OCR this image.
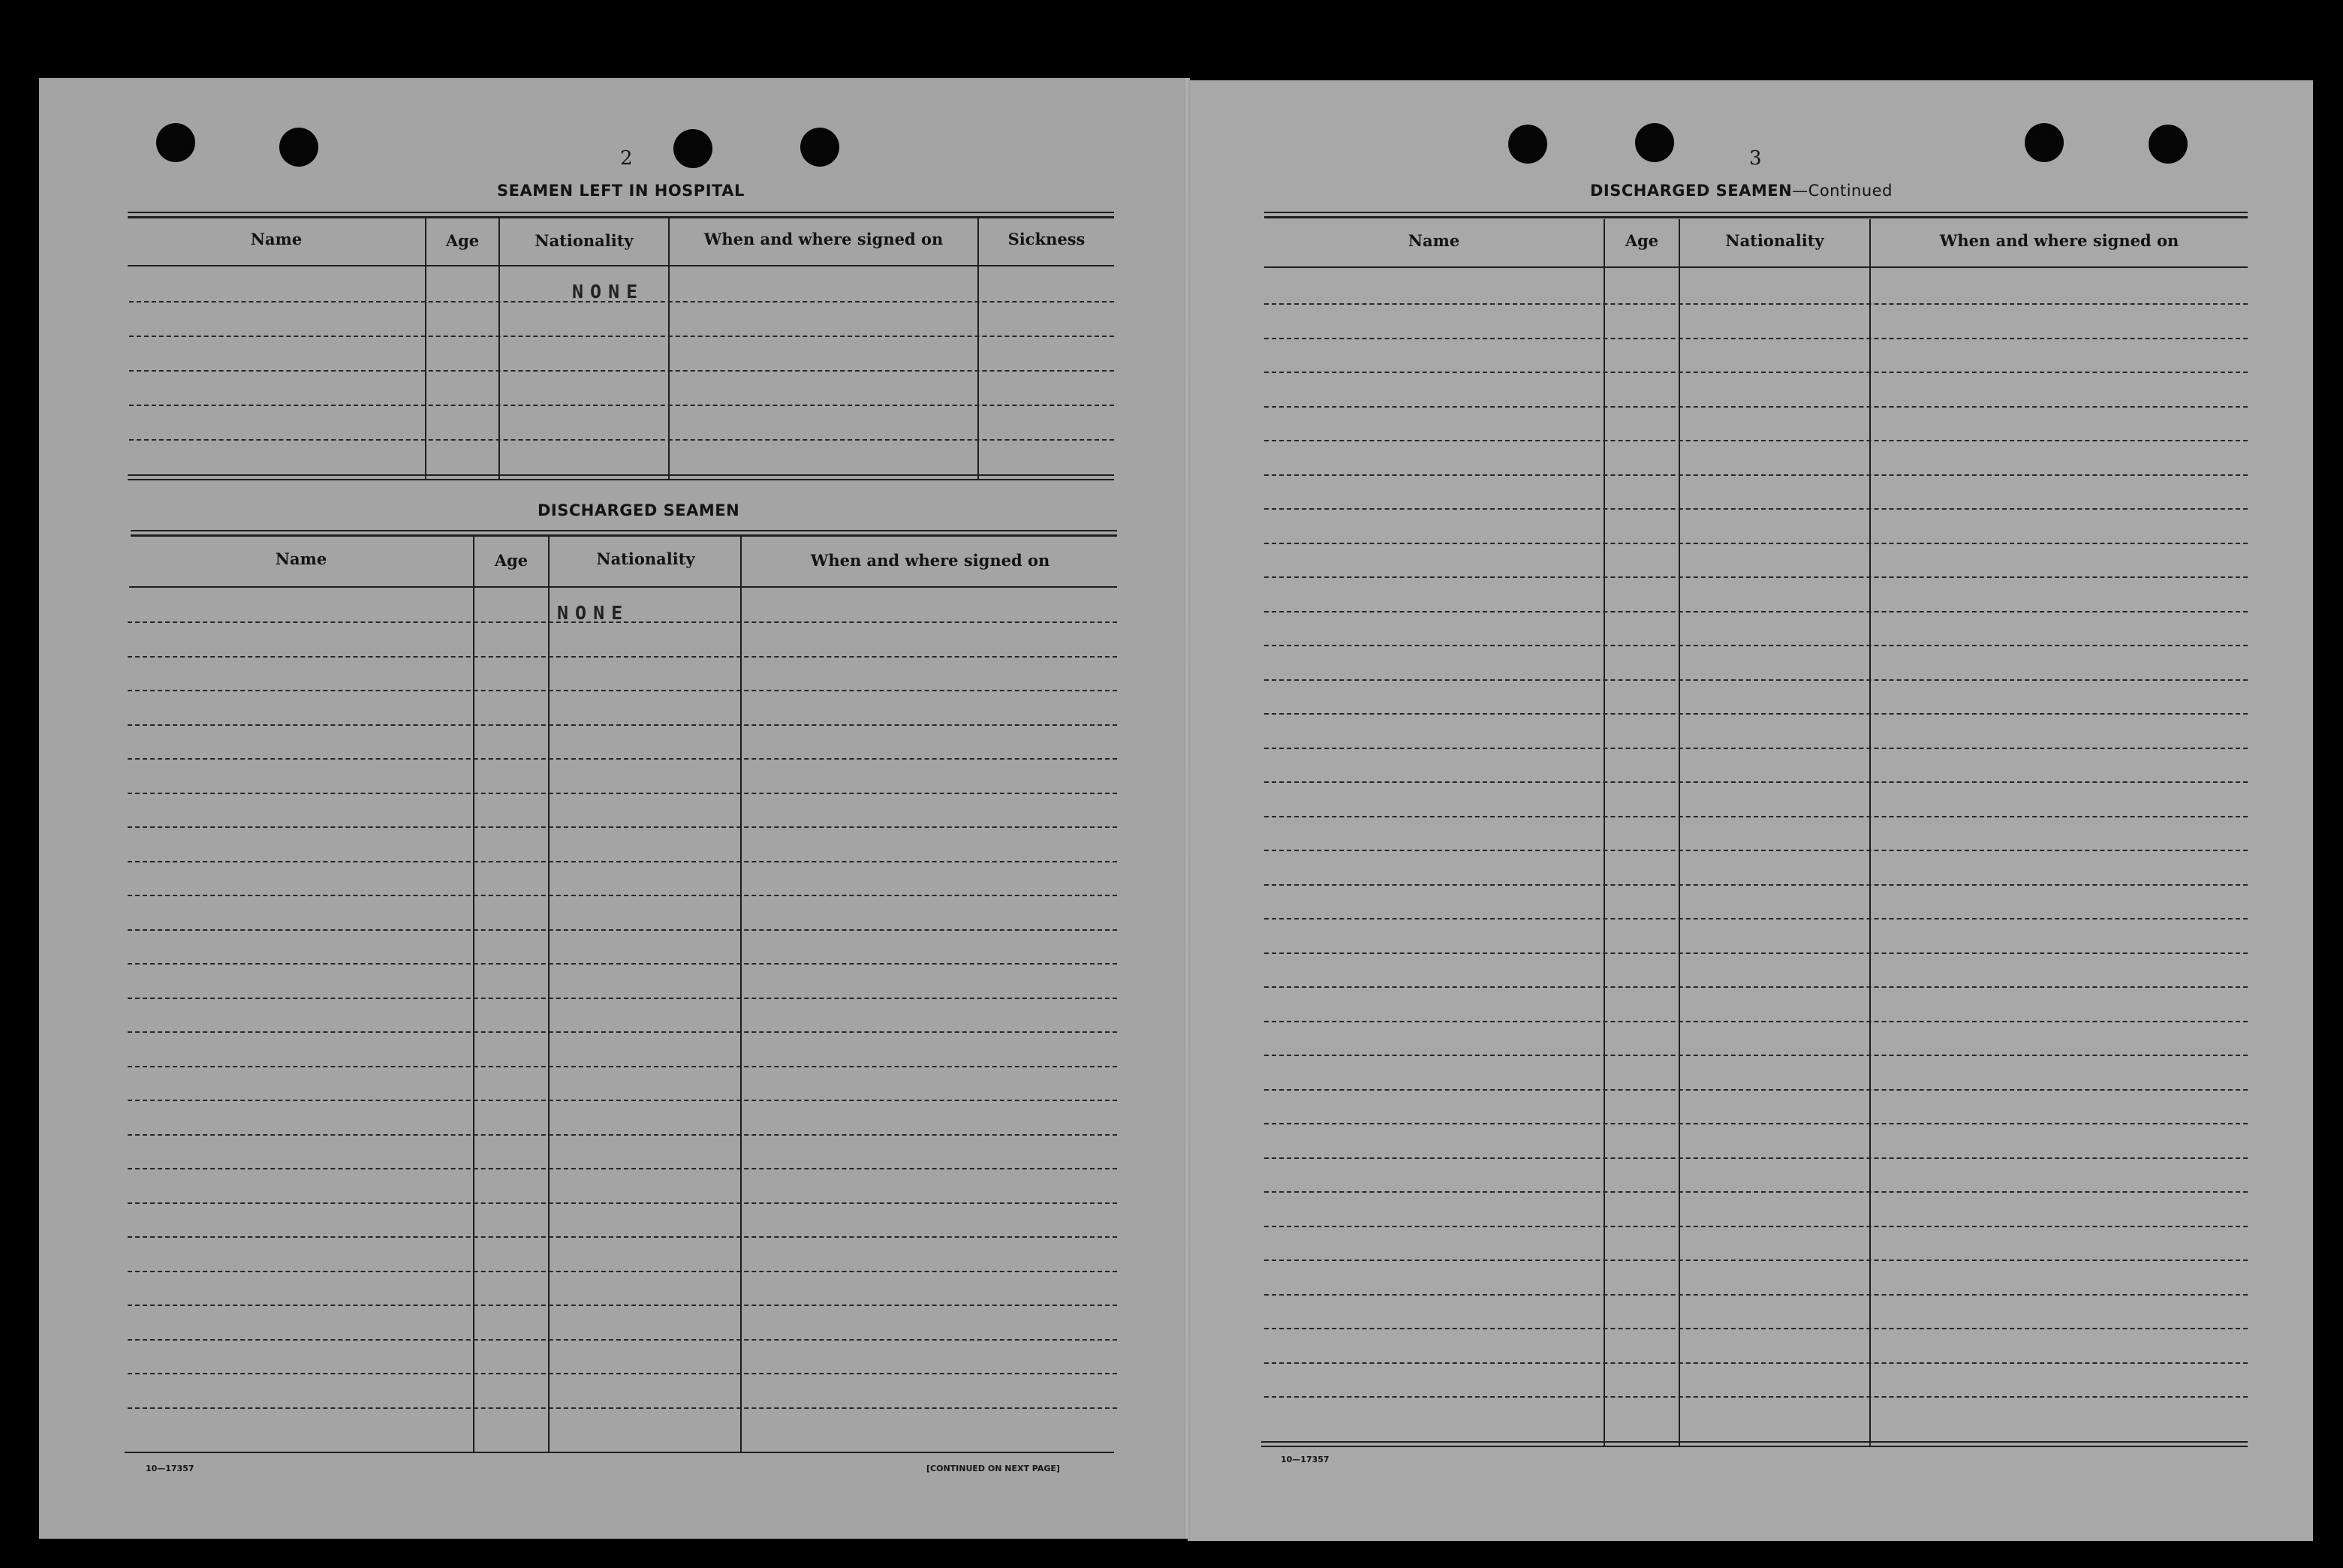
2
SEAMEN LEFT IN HOSPITAL
Name	Age	Nationality	When and where signed on	Sickness
NONE
DISCHARGED SEAMEN
Name	Age	Nationality	When and where signed on
NONE
10—17357	[CONTINUED ON NEXT PAGE]
3
DISCHARGED SEAMEN—Continued
Name	Age	Nationality	When and where signed on
10—17357
